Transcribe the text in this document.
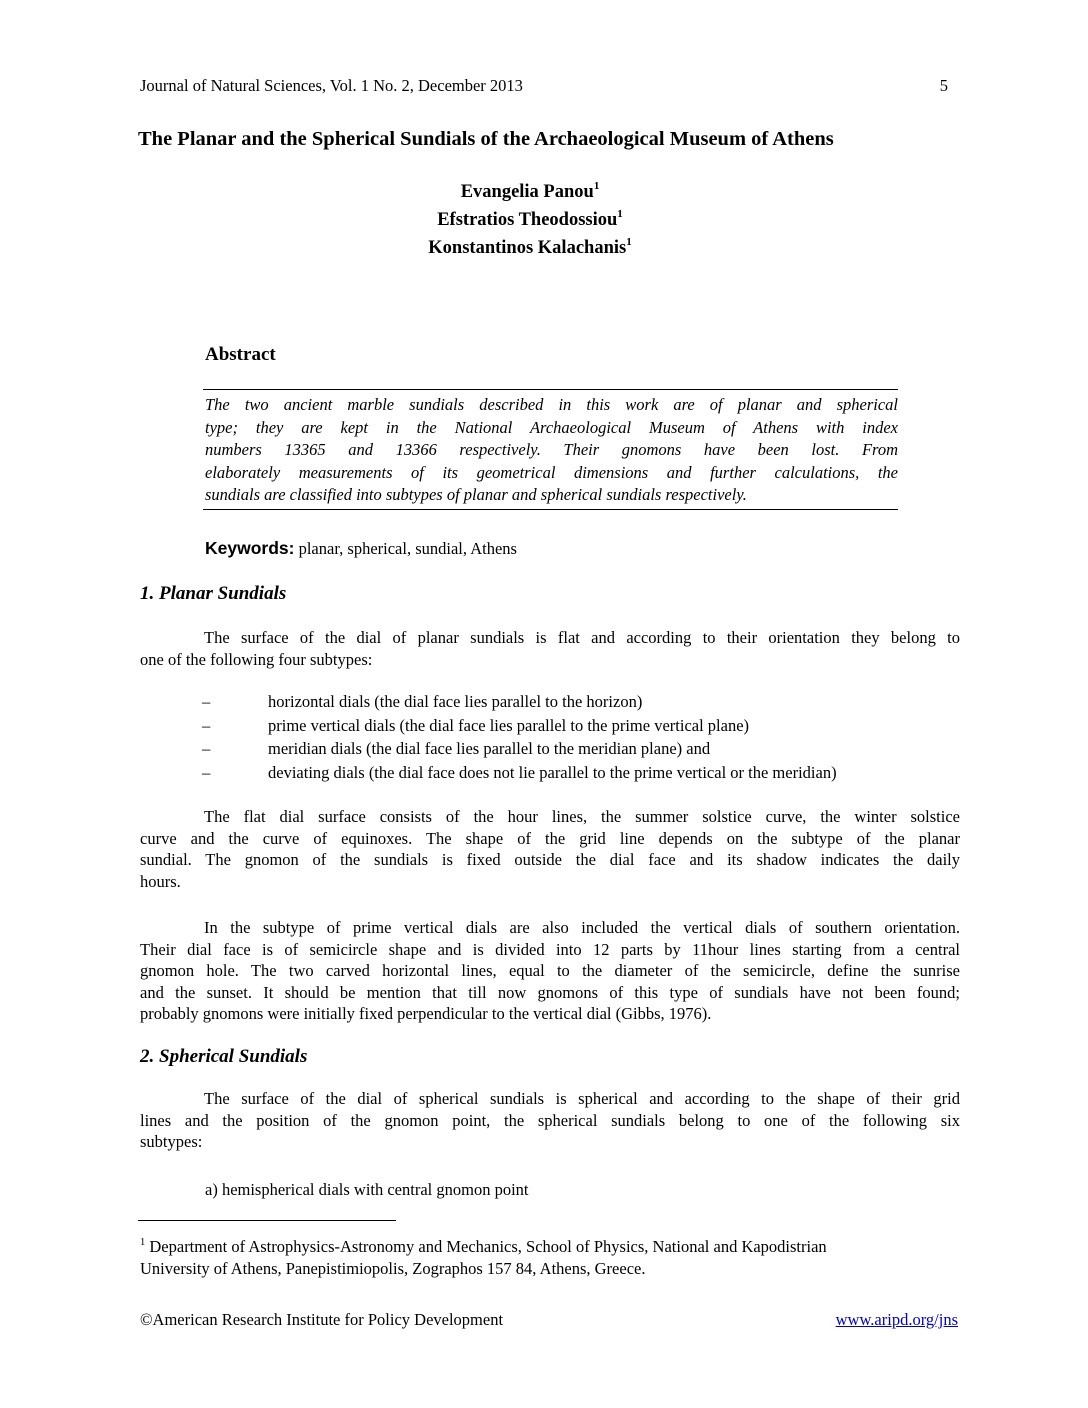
Journal of Natural Sciences, Vol. 1 No. 2, December 2013	5
The Planar and the Spherical Sundials of the Archaeological Museum of Athens
Evangelia Panou$^1$
Efstratios Theodossiou$^1$
Konstantinos Kalachanis$^1$
Abstract
The two ancient marble sundials described in this work are of planar and spherical
type; they are kept in the National Archaeological Museum of Athens with index
numbers 13365 and 13366 respectively. Their gnomons have been lost. From
elaborately measurements of its geometrical dimensions and further calculations, the
sundials are classified into subtypes of planar and spherical sundials respectively.
Keywords: planar, spherical, sundial, Athens
1. Planar Sundials
The surface of the dial of planar sundials is flat and according to their orientation they belong to
one of the following four subtypes:
–	horizontal dials (the dial face lies parallel to the horizon)
–	prime vertical dials (the dial face lies parallel to the prime vertical plane)
–	meridian dials (the dial face lies parallel to the meridian plane) and
–	deviating dials (the dial face does not lie parallel to the prime vertical or the meridian)
The flat dial surface consists of the hour lines, the summer solstice curve, the winter solstice
curve and the curve of equinoxes. The shape of the grid line depends on the subtype of the planar
sundial. The gnomon of the sundials is fixed outside the dial face and its shadow indicates the daily
hours.
In the subtype of prime vertical dials are also included the vertical dials of southern orientation.
Their dial face is of semicircle shape and is divided into 12 parts by 11hour lines starting from a central
gnomon hole. The two carved horizontal lines, equal to the diameter of the semicircle, define the sunrise
and the sunset. It should be mention that till now gnomons of this type of sundials have not been found;
probably gnomons were initially fixed perpendicular to the vertical dial (Gibbs, 1976).
2. Spherical Sundials
The surface of the dial of spherical sundials is spherical and according to the shape of their grid
lines and the position of the gnomon point, the spherical sundials belong to one of the following six
subtypes:
a) hemispherical dials with central gnomon point
$^1$ Department of Astrophysics-Astronomy and Mechanics, School of Physics, National and Kapodistrian
University of Athens, Panepistimiopolis, Zographos 157 84, Athens, Greece.
©American Research Institute for Policy Development	www.aripd.org/jns
